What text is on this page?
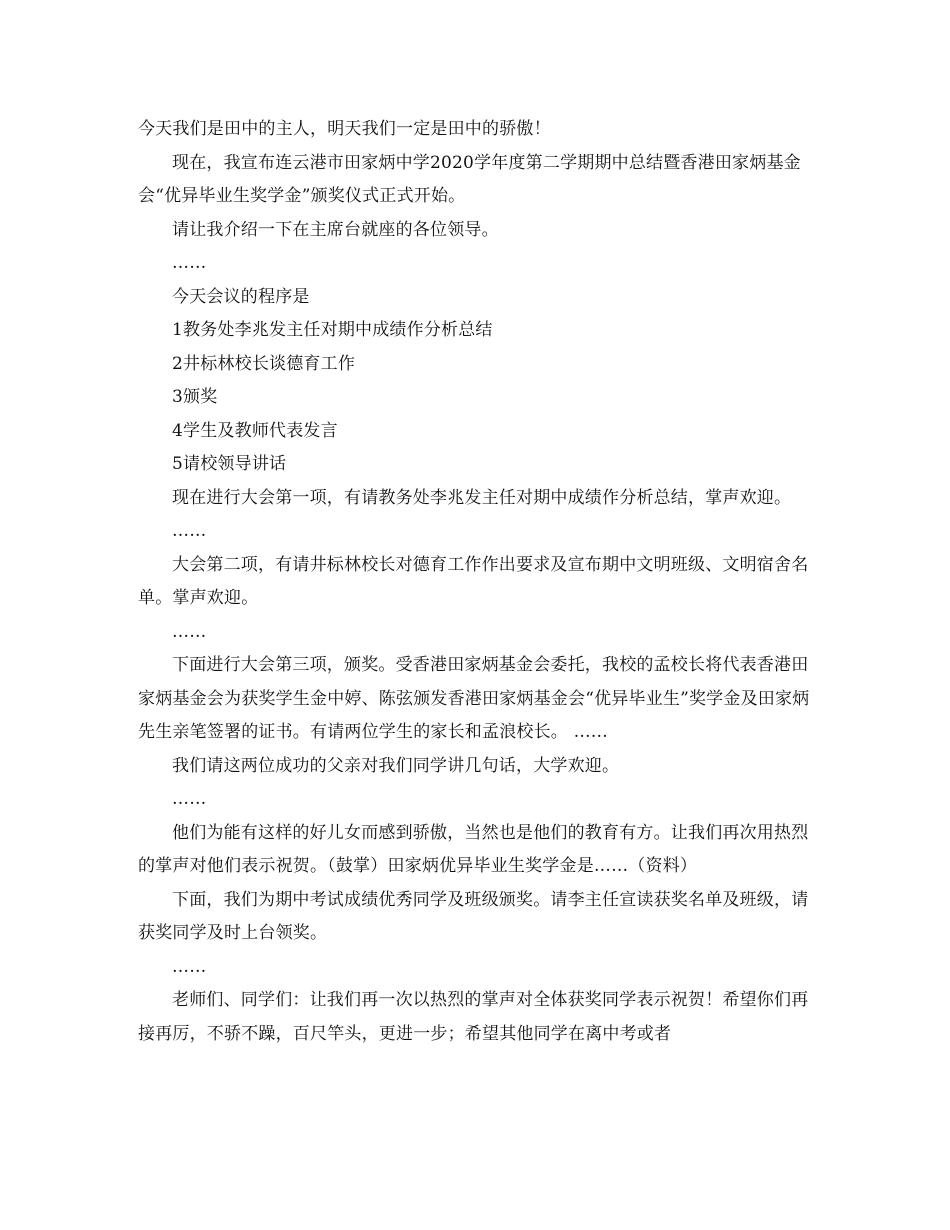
今天我们是田中的主人，明天我们一定是田中的骄傲！

现在，我宣布连云港市田家炳中学2020学年度第二学期期中总结暨香港田家炳基金会“优异毕业生奖学金”颁奖仪式正式开始。

请让我介绍一下在主席台就座的各位领导。

……

今天会议的程序是

1教务处李兆发主任对期中成绩作分析总结

2井标林校长谈德育工作

3颁奖

4学生及教师代表发言

5请校领导讲话

现在进行大会第一项，有请教务处李兆发主任对期中成绩作分析总结，掌声欢迎。

……

大会第二项，有请井标林校长对德育工作作出要求及宣布期中文明班级、文明宿舍名单。掌声欢迎。

……

下面进行大会第三项，颁奖。受香港田家炳基金会委托，我校的孟校长将代表香港田家炳基金会为获奖学生金中婷、陈弦颁发香港田家炳基金会“优异毕业生”奖学金及田家炳先生亲笔签署的证书。有请两位学生的家长和孟浪校长。 ……

我们请这两位成功的父亲对我们同学讲几句话，大学欢迎。

……

他们为能有这样的好儿女而感到骄傲，当然也是他们的教育有方。让我们再次用热烈的掌声对他们表示祝贺。（鼓掌）田家炳优异毕业生奖学金是……（资料）

下面，我们为期中考试成绩优秀同学及班级颁奖。请李主任宣读获奖名单及班级，请获奖同学及时上台领奖。

……

老师们、同学们：让我们再一次以热烈的掌声对全体获奖同学表示祝贺！希望你们再接再厉，不骄不躁，百尺竿头，更进一步；希望其他同学在离中考或者
